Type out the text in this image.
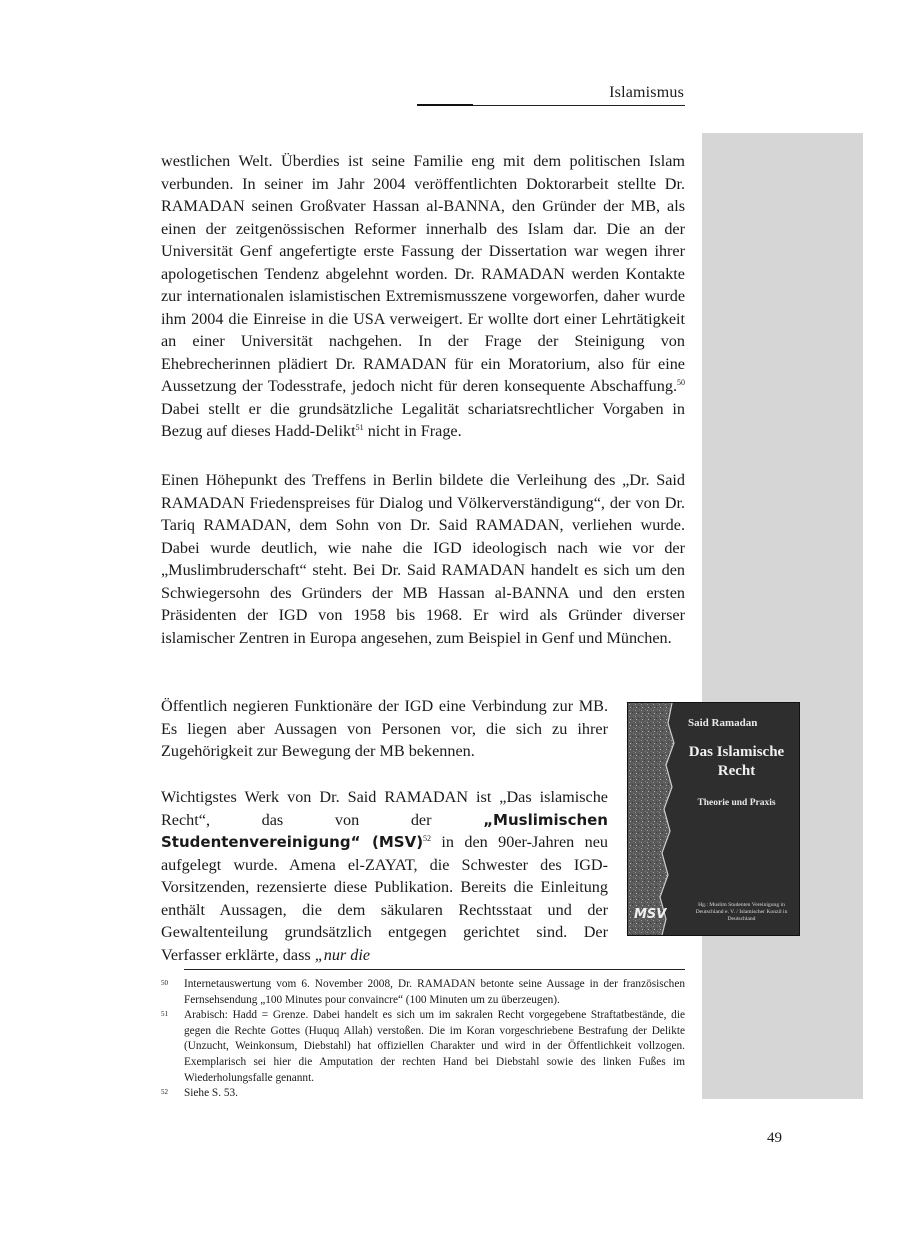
Islamismus
westlichen Welt. Überdies ist seine Familie eng mit dem politischen Islam verbunden. In seiner im Jahr 2004 veröffentlichten Doktorarbeit stellte Dr. RAMADAN seinen Großvater Hassan al-BANNA, den Gründer der MB, als einen der zeitgenössischen Reformer innerhalb des Islam dar. Die an der Universität Genf angefertigte erste Fassung der Dissertation war wegen ihrer apologetischen Tendenz abgelehnt worden. Dr. RAMADAN werden Kontakte zur internationalen islamistischen Extremismusszene vorgeworfen, daher wurde ihm 2004 die Einreise in die USA verweigert. Er wollte dort einer Lehrtätigkeit an einer Universität nachgehen. In der Frage der Steinigung von Ehebrecherinnen plädiert Dr. RAMADAN für ein Moratorium, also für eine Aussetzung der Todesstrafe, jedoch nicht für deren konsequente Abschaffung.$^{50}$ Dabei stellt er die grundsätzliche Legalität schariatsrechtlicher Vorgaben in Bezug auf dieses Hadd-Delikt$^{51}$ nicht in Frage.
Einen Höhepunkt des Treffens in Berlin bildete die Verleihung des „Dr. Said RAMADAN Friedenspreises für Dialog und Völkerverständigung“, der von Dr. Tariq RAMADAN, dem Sohn von Dr. Said RAMADAN, verliehen wurde. Dabei wurde deutlich, wie nahe die IGD ideologisch nach wie vor der „Muslimbruderschaft“ steht. Bei Dr. Said RAMADAN handelt es sich um den Schwiegersohn des Gründers der MB Hassan al-BANNA und den ersten Präsidenten der IGD von 1958 bis 1968. Er wird als Gründer diverser islamischer Zentren in Europa angesehen, zum Beispiel in Genf und München.
Öffentlich negieren Funktionäre der IGD eine Verbindung zur MB. Es liegen aber Aussagen von Personen vor, die sich zu ihrer Zugehörigkeit zur Bewegung der MB bekennen.
Wichtigstes Werk von Dr. Said RAMADAN ist „Das islamische Recht“, das von der „Muslimischen Studentenvereinigung“ (MSV)$^{52}$ in den 90er-Jahren neu aufgelegt wurde. Amena el-ZAYAT, die Schwester des IGD-Vorsitzenden, rezensierte diese Publikation. Bereits die Einleitung enthält Aussagen, die dem säkularen Rechtsstaat und der Gewaltenteilung grundsätzlich entgegen gerichtet sind. Der Verfasser erklärte, dass „nur die
Said Ramadan
Das Islamische Recht
Theorie und Praxis
Hg.: Muslim Studenten Vereinigung in Deutschland e. V. / Islamischer Konzil in Deutschland
MSV
50 Internetauswertung vom 6. November 2008, Dr. RAMADAN betonte seine Aussage in der französischen Fernsehsendung „100 Minutes pour convaincre“ (100 Minuten um zu überzeugen).
51 Arabisch: Hadd = Grenze. Dabei handelt es sich um im sakralen Recht vorgegebene Straftatbestände, die gegen die Rechte Gottes (Huquq Allah) verstoßen. Die im Koran vorgeschriebene Bestrafung der Delikte (Unzucht, Weinkonsum, Diebstahl) hat offiziellen Charakter und wird in der Öffentlichkeit vollzogen. Exemplarisch sei hier die Amputation der rechten Hand bei Diebstahl sowie des linken Fußes im Wiederholungsfalle genannt.
52 Siehe S. 53.
49
